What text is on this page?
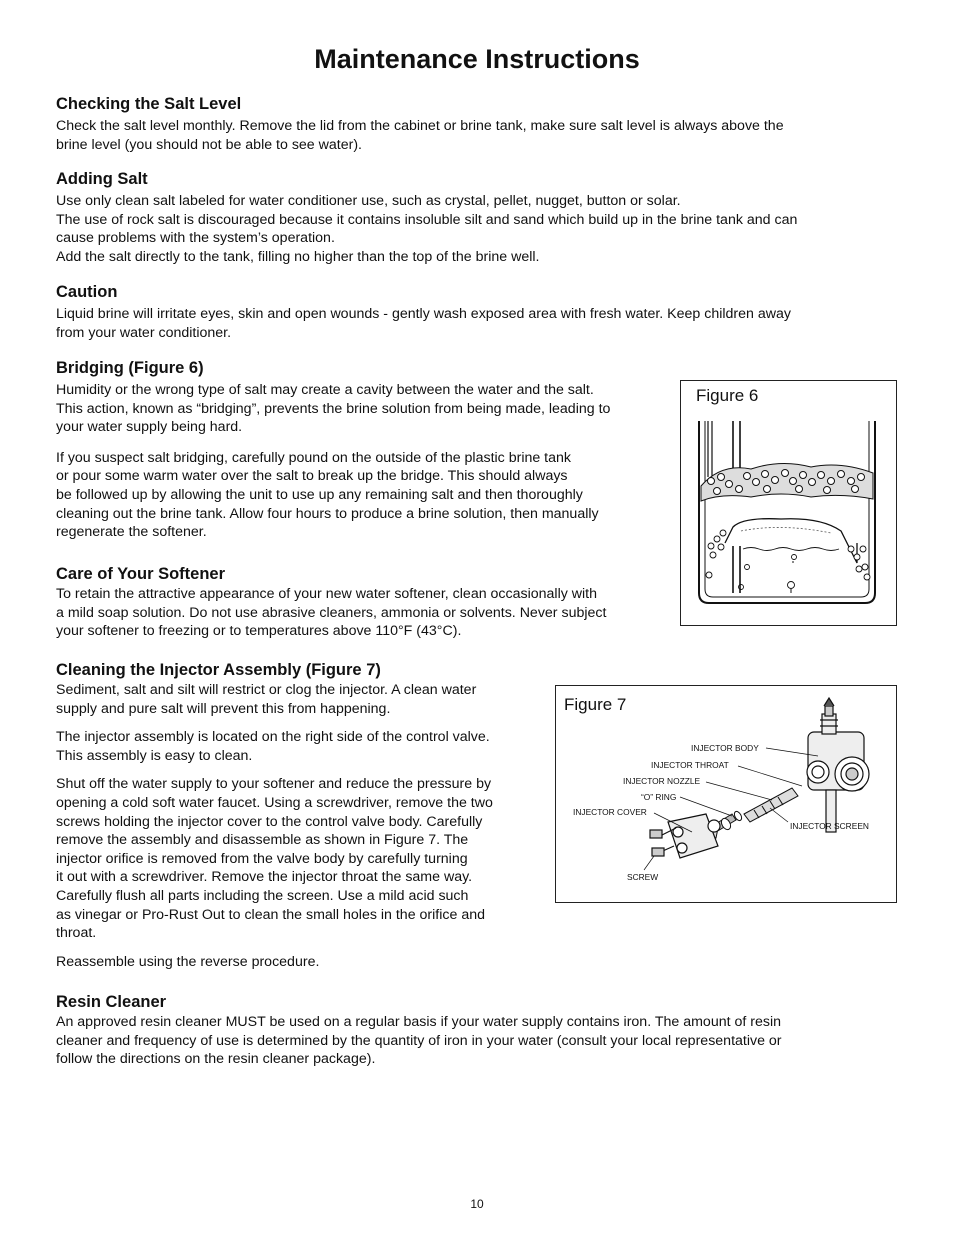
Maintenance Instructions
Checking the Salt Level
Check the salt level monthly. Remove the lid from the cabinet or brine tank, make sure salt level is always above the
brine level (you should not be able to see water).
Adding Salt
Use only clean salt labeled for water conditioner use, such as crystal, pellet, nugget, button or solar.
The use of rock salt is discouraged because it contains insoluble silt and sand which build up in the brine tank and can
cause problems with the system’s operation.
Add the salt directly to the tank, filling no higher than the top of the brine well.
Caution
Liquid brine will irritate eyes, skin and open wounds - gently wash exposed area with fresh water. Keep children away
from your water conditioner.
Bridging (Figure 6)
Humidity or the wrong type of salt may create a cavity between the water and the salt.
This action, known as “bridging”, prevents the brine solution from being made, leading to
your water supply being hard.
If you suspect salt bridging, carefully pound on the outside of the plastic brine tank
or pour some warm water over the salt to break up the bridge. This should always
be followed up by allowing the unit to use up any remaining salt and then thoroughly
cleaning out the brine tank. Allow four hours to produce a brine solution, then manually
regenerate the softener.
Care of Your Softener
To retain the attractive appearance of your new water softener, clean occasionally with
a mild soap solution. Do not use abrasive cleaners, ammonia or solvents. Never subject
your softener to freezing or to temperatures above 110°F (43°C).
Figure 6
Cleaning the Injector Assembly (Figure 7)
Sediment, salt and silt will restrict or clog the injector. A clean water
supply and pure salt will prevent this from happening.
The injector assembly is located on the right side of the control valve.
This assembly is easy to clean.
Shut off the water supply to your softener and reduce the pressure by
opening a cold soft water faucet. Using a screwdriver, remove the two
screws holding the injector cover to the control valve body. Carefully
remove the assembly and disassemble as shown in Figure 7. The
injector orifice is removed from the valve body by carefully turning
it out with a screwdriver. Remove the injector throat the same way.
Carefully flush all parts including the screen. Use a mild acid such
as vinegar or Pro-Rust Out to clean the small holes in the orifice and
throat.
Reassemble using the reverse procedure.
Figure 7
INJECTOR BODY
INJECTOR THROAT
INJECTOR NOZZLE
“O” RING
INJECTOR COVER
INJECTOR SCREEN
SCREW
Resin Cleaner
An approved resin cleaner MUST be used on a regular basis if your water supply contains iron. The amount of resin
cleaner and frequency of use is determined by the quantity of iron in your water (consult your local representative or
follow the directions on the resin cleaner package).
10
